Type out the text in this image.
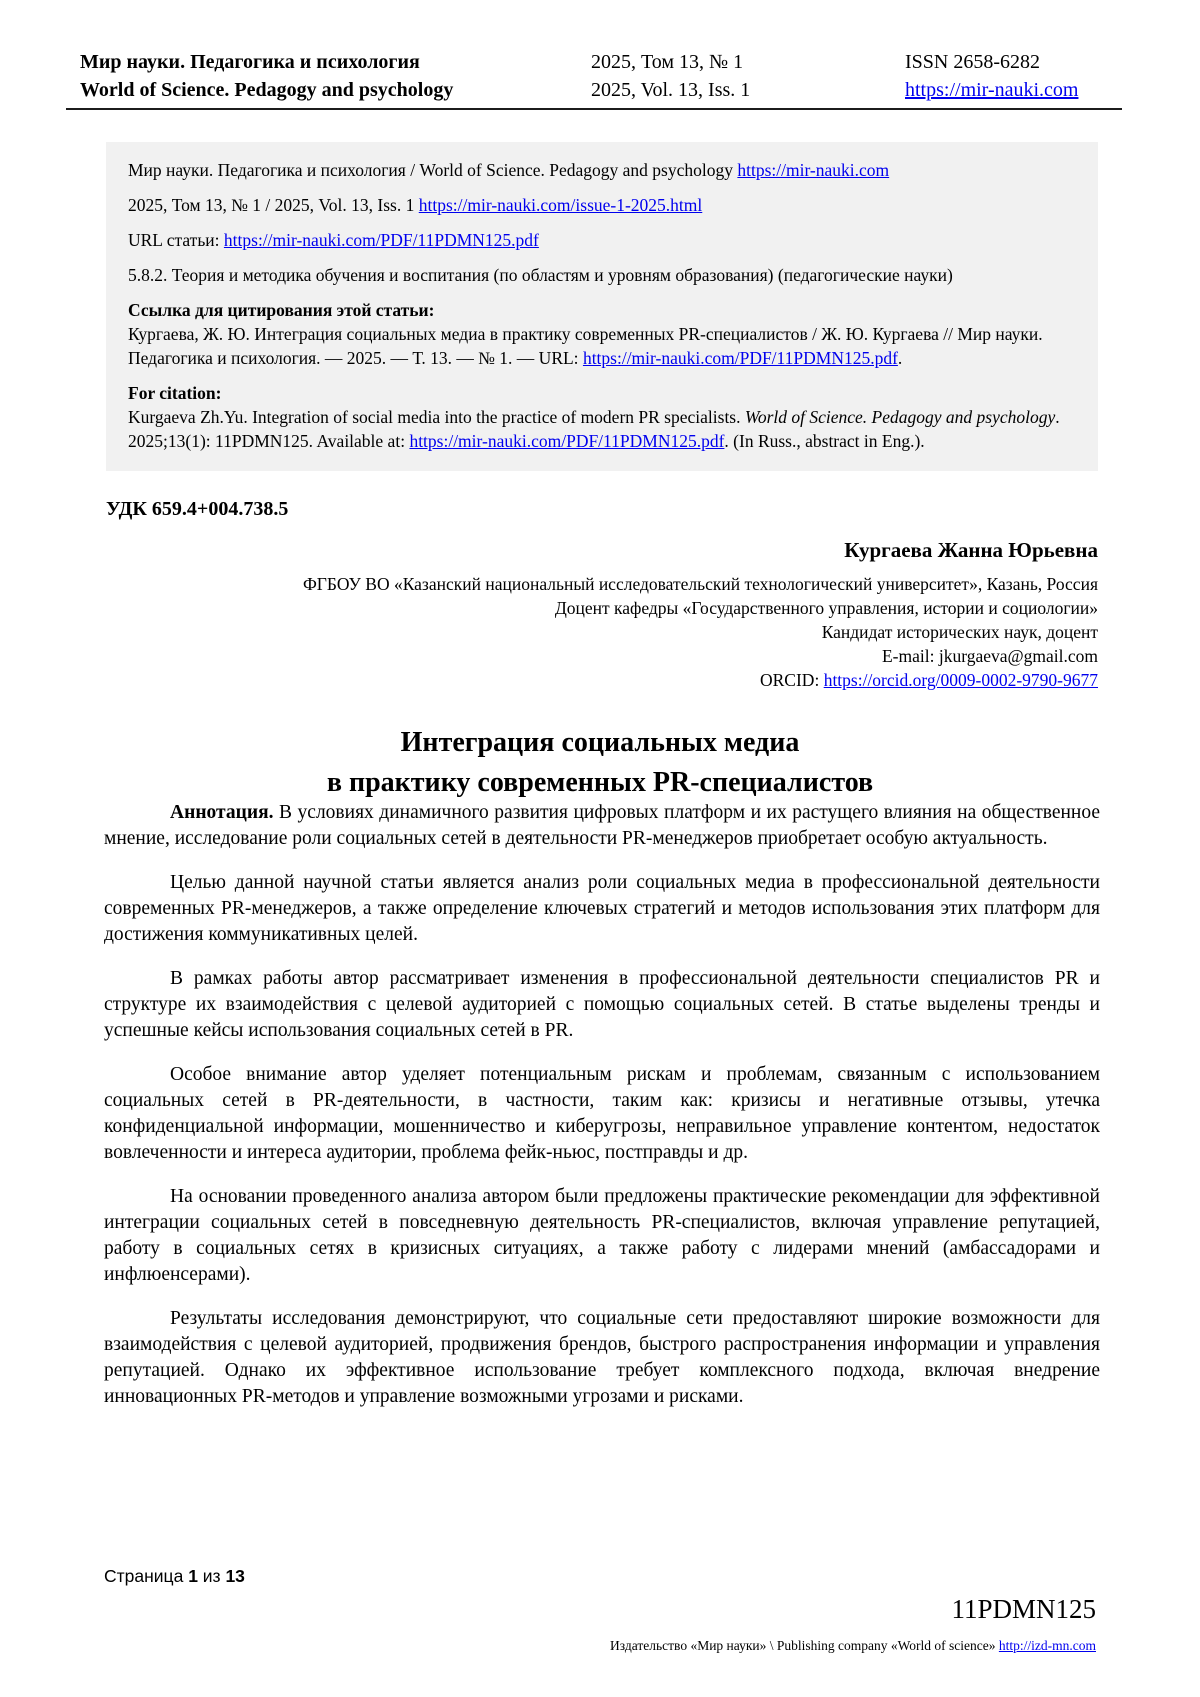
Мир науки. Педагогика и психология
World of Science. Pedagogy and psychology
2025, Том 13, № 1
2025, Vol. 13, Iss. 1
ISSN 2658-6282
https://mir-nauki.com

Мир науки. Педагогика и психология / World of Science. Pedagogy and psychology https://mir-nauki.com

2025, Том 13, № 1 / 2025, Vol. 13, Iss. 1 https://mir-nauki.com/issue-1-2025.html

URL статьи: https://mir-nauki.com/PDF/11PDMN125.pdf

5.8.2. Теория и методика обучения и воспитания (по областям и уровням образования) (педагогические науки)

Ссылка для цитирования этой статьи:

Кургаева, Ж. Ю. Интеграция социальных медиа в практику современных PR-специалистов / Ж. Ю. Кургаева // Мир науки. Педагогика и психология. — 2025. — Т. 13. — № 1. — URL: https://mir-nauki.com/PDF/11PDMN125.pdf.

For citation:

Kurgaeva Zh.Yu. Integration of social media into the practice of modern PR specialists. World of Science. Pedagogy and psychology. 2025;13(1): 11PDMN125. Available at: https://mir-nauki.com/PDF/11PDMN125.pdf. (In Russ., abstract in Eng.).

УДК 659.4+004.738.5

Кургаева Жанна Юрьевна

ФГБОУ ВО «Казанский национальный исследовательский технологический университет», Казань, Россия

Доцент кафедры «Государственного управления, истории и социологии»

Кандидат исторических наук, доцент

E-mail: jkurgaeva@gmail.com

ORCID: https://orcid.org/0009-0002-9790-9677

Интеграция социальных медиа
в практику современных PR-специалистов

Аннотация. В условиях динамичного развития цифровых платформ и их растущего влияния на общественное мнение, исследование роли социальных сетей в деятельности PR-менеджеров приобретает особую актуальность.

Целью данной научной статьи является анализ роли социальных медиа в профессиональной деятельности современных PR-менеджеров, а также определение ключевых стратегий и методов использования этих платформ для достижения коммуникативных целей.

В рамках работы автор рассматривает изменения в профессиональной деятельности специалистов PR и структуре их взаимодействия с целевой аудиторией с помощью социальных сетей. В статье выделены тренды и успешные кейсы использования социальных сетей в PR.

Особое внимание автор уделяет потенциальным рискам и проблемам, связанным с использованием социальных сетей в PR-деятельности, в частности, таким как: кризисы и негативные отзывы, утечка конфиденциальной информации, мошенничество и киберугрозы, неправильное управление контентом, недостаток вовлеченности и интереса аудитории, проблема фейк-ньюс, постправды и др.

На основании проведенного анализа автором были предложены практические рекомендации для эффективной интеграции социальных сетей в повседневную деятельность PR-специалистов, включая управление репутацией, работу в социальных сетях в кризисных ситуациях, а также работу с лидерами мнений (амбассадорами и инфлюенсерами).

Результаты исследования демонстрируют, что социальные сети предоставляют широкие возможности для взаимодействия с целевой аудиторией, продвижения брендов, быстрого распространения информации и управления репутацией. Однако их эффективное использование требует комплексного подхода, включая внедрение инновационных PR-методов и управление возможными угрозами и рисками.

Страница 1 из 13
11PDMN125
Издательство «Мир науки» \ Publishing company «World of science» http://izd-mn.com
